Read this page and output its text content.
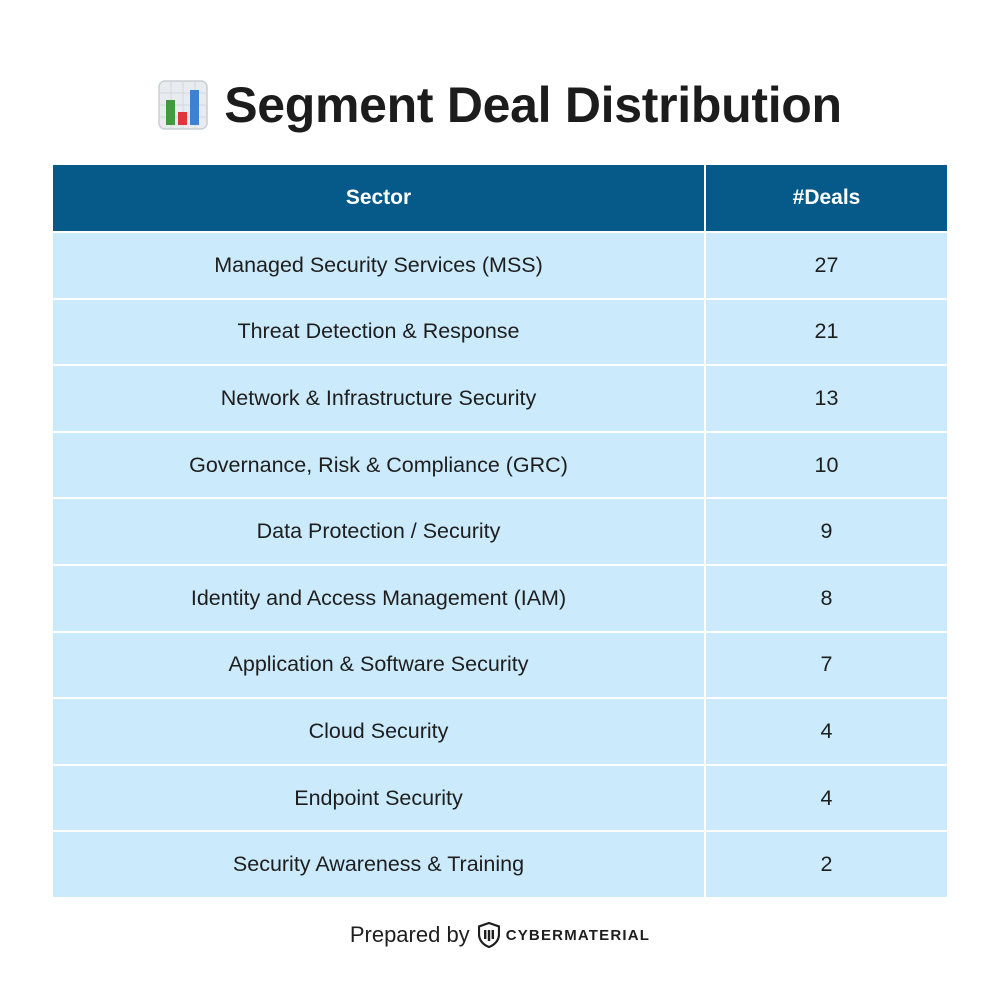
Segment Deal Distribution
Sector	#Deals
Managed Security Services (MSS)	27
Threat Detection & Response	21
Network & Infrastructure Security	13
Governance, Risk & Compliance (GRC)	10
Data Protection / Security	9
Identity and Access Management (IAM)	8
Application & Software Security	7
Cloud Security	4
Endpoint Security	4
Security Awareness & Training	2
Prepared by CYBERMATERIAL
